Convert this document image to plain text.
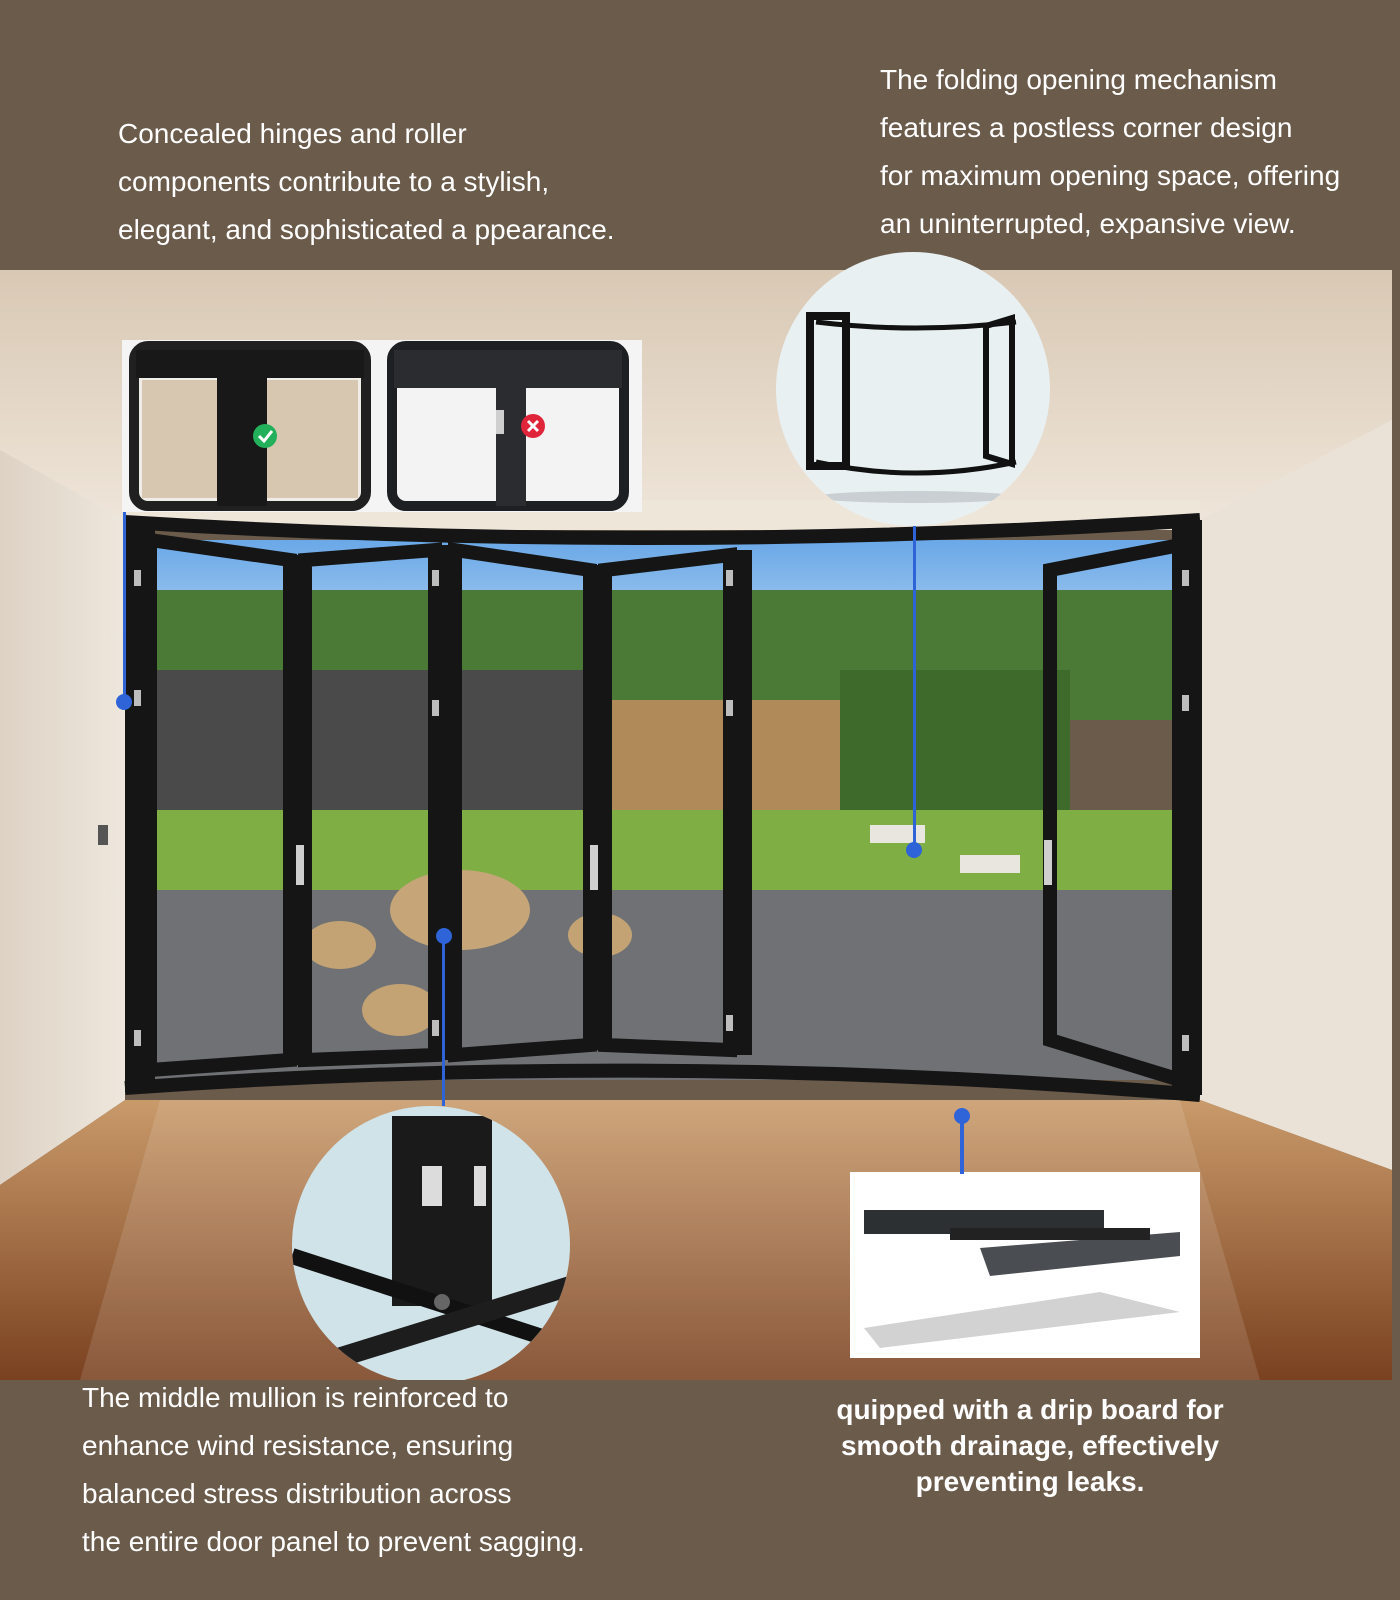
Concealed hinges and roller
components contribute to a stylish,
elegant, and sophisticated a ppearance.
The folding opening mechanism
features a postless corner design
for maximum opening space, offering
an uninterrupted, expansive view.
The middle mullion is reinforced to
enhance wind resistance, ensuring
balanced stress distribution across
the entire door panel to prevent sagging.
quipped with a drip board for
smooth drainage, effectively
preventing leaks.
